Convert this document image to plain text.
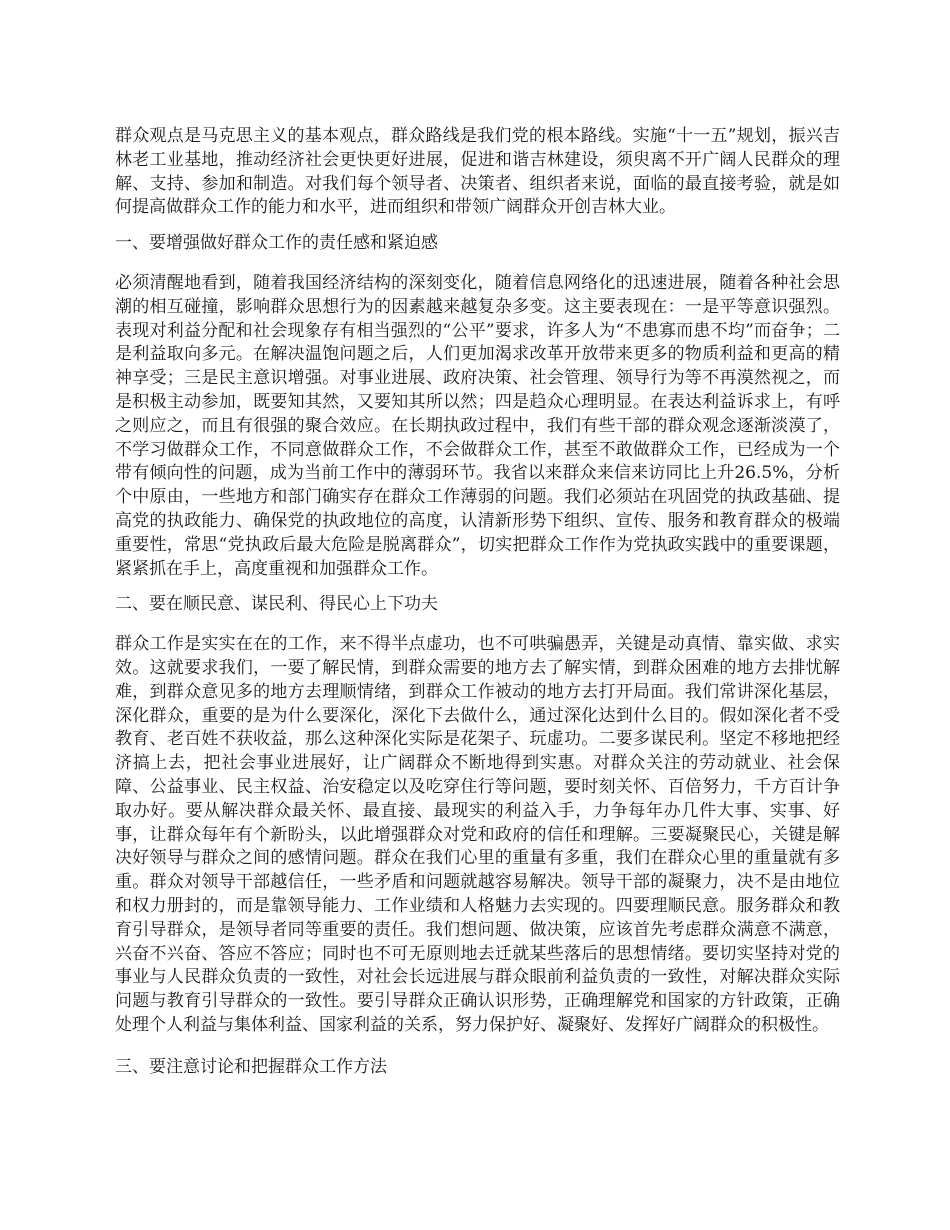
群众观点是马克思主义的基本观点，群众路线是我们党的根本路线。实施“十一五”规划，振兴吉林老工业基地，推动经济社会更快更好进展，促进和谐吉林建设，须臾离不开广阔人民群众的理解、支持、参加和制造。对我们每个领导者、决策者、组织者来说，面临的最直接考验，就是如何提高做群众工作的能力和水平，进而组织和带领广阔群众开创吉林大业。

一、要增强做好群众工作的责任感和紧迫感

必须清醒地看到，随着我国经济结构的深刻变化，随着信息网络化的迅速进展，随着各种社会思潮的相互碰撞，影响群众思想行为的因素越来越复杂多变。这主要表现在：一是平等意识强烈。表现对利益分配和社会现象存有相当强烈的“公平”要求，许多人为“不患寡而患不均”而奋争；二是利益取向多元。在解决温饱问题之后，人们更加渴求改革开放带来更多的物质利益和更高的精神享受；三是民主意识增强。对事业进展、政府决策、社会管理、领导行为等不再漠然视之，而是积极主动参加，既要知其然，又要知其所以然；四是趋众心理明显。在表达利益诉求上，有呼之则应之，而且有很强的聚合效应。在长期执政过程中，我们有些干部的群众观念逐渐淡漠了，不学习做群众工作，不同意做群众工作，不会做群众工作，甚至不敢做群众工作，已经成为一个带有倾向性的问题，成为当前工作中的薄弱环节。我省以来群众来信来访同比上升26.5%，分析个中原由，一些地方和部门确实存在群众工作薄弱的问题。我们必须站在巩固党的执政基础、提高党的执政能力、确保党的执政地位的高度，认清新形势下组织、宣传、服务和教育群众的极端重要性，常思“党执政后最大危险是脱离群众”，切实把群众工作作为党执政实践中的重要课题，紧紧抓在手上，高度重视和加强群众工作。

二、要在顺民意、谋民利、得民心上下功夫

群众工作是实实在在的工作，来不得半点虚功，也不可哄骗愚弄，关键是动真情、靠实做、求实效。这就要求我们，一要了解民情，到群众需要的地方去了解实情，到群众困难的地方去排忧解难，到群众意见多的地方去理顺情绪，到群众工作被动的地方去打开局面。我们常讲深化基层，深化群众，重要的是为什么要深化，深化下去做什么，通过深化达到什么目的。假如深化者不受教育、老百姓不获收益，那么这种深化实际是花架子、玩虚功。二要多谋民利。坚定不移地把经济搞上去，把社会事业进展好，让广阔群众不断地得到实惠。对群众关注的劳动就业、社会保障、公益事业、民主权益、治安稳定以及吃穿住行等问题，要时刻关怀、百倍努力，千方百计争取办好。要从解决群众最关怀、最直接、最现实的利益入手，力争每年办几件大事、实事、好事，让群众每年有个新盼头，以此增强群众对党和政府的信任和理解。三要凝聚民心，关键是解决好领导与群众之间的感情问题。群众在我们心里的重量有多重，我们在群众心里的重量就有多重。群众对领导干部越信任，一些矛盾和问题就越容易解决。领导干部的凝聚力，决不是由地位和权力册封的，而是靠领导能力、工作业绩和人格魅力去实现的。四要理顺民意。服务群众和教育引导群众，是领导者同等重要的责任。我们想问题、做决策，应该首先考虑群众满意不满意，兴奋不兴奋、答应不答应；同时也不可无原则地去迁就某些落后的思想情绪。要切实坚持对党的事业与人民群众负责的一致性，对社会长远进展与群众眼前利益负责的一致性，对解决群众实际问题与教育引导群众的一致性。要引导群众正确认识形势，正确理解党和国家的方针政策，正确处理个人利益与集体利益、国家利益的关系，努力保护好、凝聚好、发挥好广阔群众的积极性。

三、要注意讨论和把握群众工作方法
